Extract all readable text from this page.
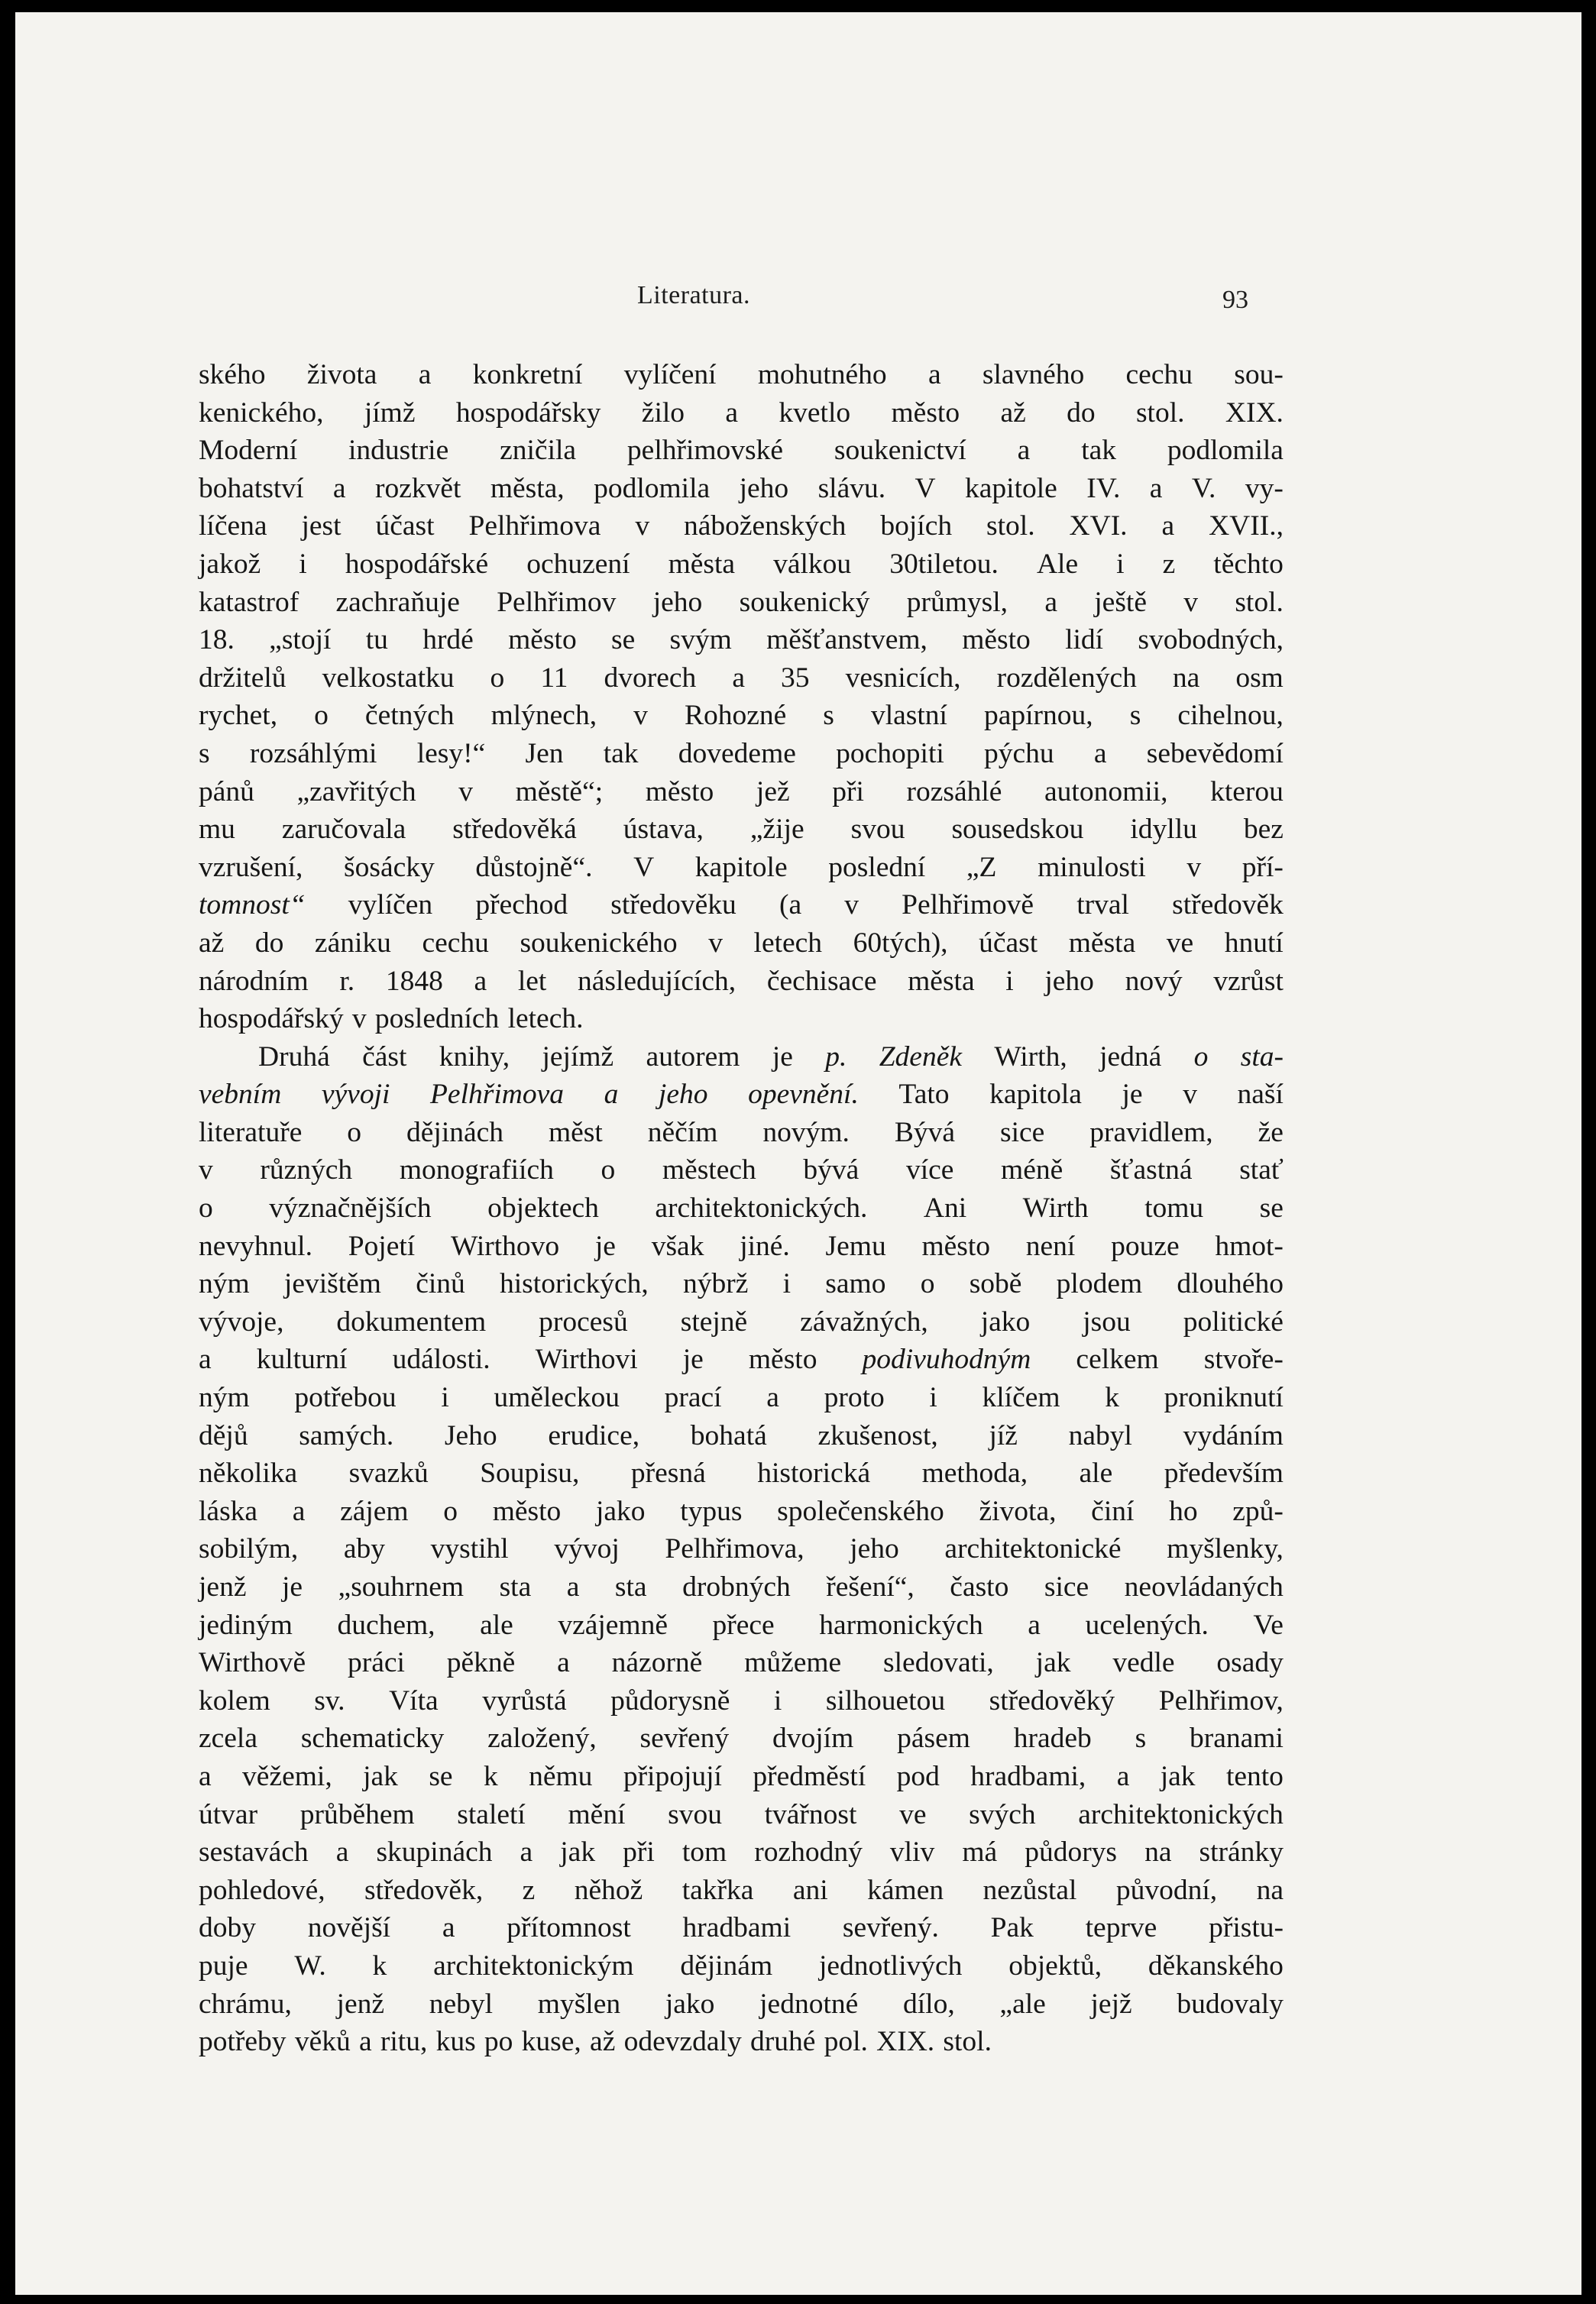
Literatura.	93
ského života a konkretní vylíčení mohutného a slavného cechu sou-
kenického, jímž hospodářsky žilo a kvetlo město až do stol. XIX.
Moderní industrie zničila pelhřimovské soukenictví a tak podlomila
bohatství a rozkvět města, podlomila jeho slávu. V kapitole IV. a V. vy-
líčena jest účast Pelhřimova v náboženských bojích stol. XVI. a XVII.,
jakož i hospodářské ochuzení města válkou 30tiletou. Ale i z těchto
katastrof zachraňuje Pelhřimov jeho soukenický průmysl, a ještě v stol.
18. „stojí tu hrdé město se svým měšťanstvem, město lidí svobodných,
držitelů velkostatku o 11 dvorech a 35 vesnicích, rozdělených na osm
rychet, o četných mlýnech, v Rohozné s vlastní papírnou, s cihelnou,
s rozsáhlými lesy!“ Jen tak dovedeme pochopiti pýchu a sebevědomí
pánů „zavřitých v městě“; město jež při rozsáhlé autonomii, kterou
mu zaručovala středověká ústava, „žije svou sousedskou idyllu bez
vzrušení, šosácky důstojně“. V kapitole poslední „Z minulosti v pří-
tomnost“ vylíčen přechod středověku (a v Pelhřimově trval středověk
až do zániku cechu soukenického v letech 60tých), účast města ve hnutí
národním r. 1848 a let následujících, čechisace města i jeho nový vzrůst
hospodářský v posledních letech.
Druhá část knihy, jejímž autorem je p. Zdeněk Wirth, jedná o sta-
vebním vývoji Pelhřimova a jeho opevnění. Tato kapitola je v naší
literatuře o dějinách měst něčím novým. Bývá sice pravidlem, že
v různých monografiích o městech bývá více méně šťastná stať
o význačnějších objektech architektonických. Ani Wirth tomu se
nevyhnul. Pojetí Wirthovo je však jiné. Jemu město není pouze hmot-
ným jevištěm činů historických, nýbrž i samo o sobě plodem dlouhého
vývoje, dokumentem procesů stejně závažných, jako jsou politické
a kulturní události. Wirthovi je město podivuhodným celkem stvoře-
ným potřebou i uměleckou prací a proto i klíčem k proniknutí
dějů samých. Jeho erudice, bohatá zkušenost, jíž nabyl vydáním
několika svazků Soupisu, přesná historická methoda, ale především
láska a zájem o město jako typus společenského života, činí ho způ-
sobilým, aby vystihl vývoj Pelhřimova, jeho architektonické myšlenky,
jenž je „souhrnem sta a sta drobných řešení“, často sice neovládaných
jediným duchem, ale vzájemně přece harmonických a ucelených. Ve
Wirthově práci pěkně a názorně můžeme sledovati, jak vedle osady
kolem sv. Víta vyrůstá půdorysně i silhouetou středověký Pelhřimov,
zcela schematicky založený, sevřený dvojím pásem hradeb s branami
a věžemi, jak se k němu připojují předměstí pod hradbami, a jak tento
útvar průběhem staletí mění svou tvářnost ve svých architektonických
sestavách a skupinách a jak při tom rozhodný vliv má půdorys na stránky
pohledové, středověk, z něhož takřka ani kámen nezůstal původní, na
doby novější a přítomnost hradbami sevřený. Pak teprve přistu-
puje W. k architektonickým dějinám jednotlivých objektů, děkanského
chrámu, jenž nebyl myšlen jako jednotné dílo, „ale jejž budovaly
potřeby věků a ritu, kus po kuse, až odevzdaly druhé pol. XIX. stol.
